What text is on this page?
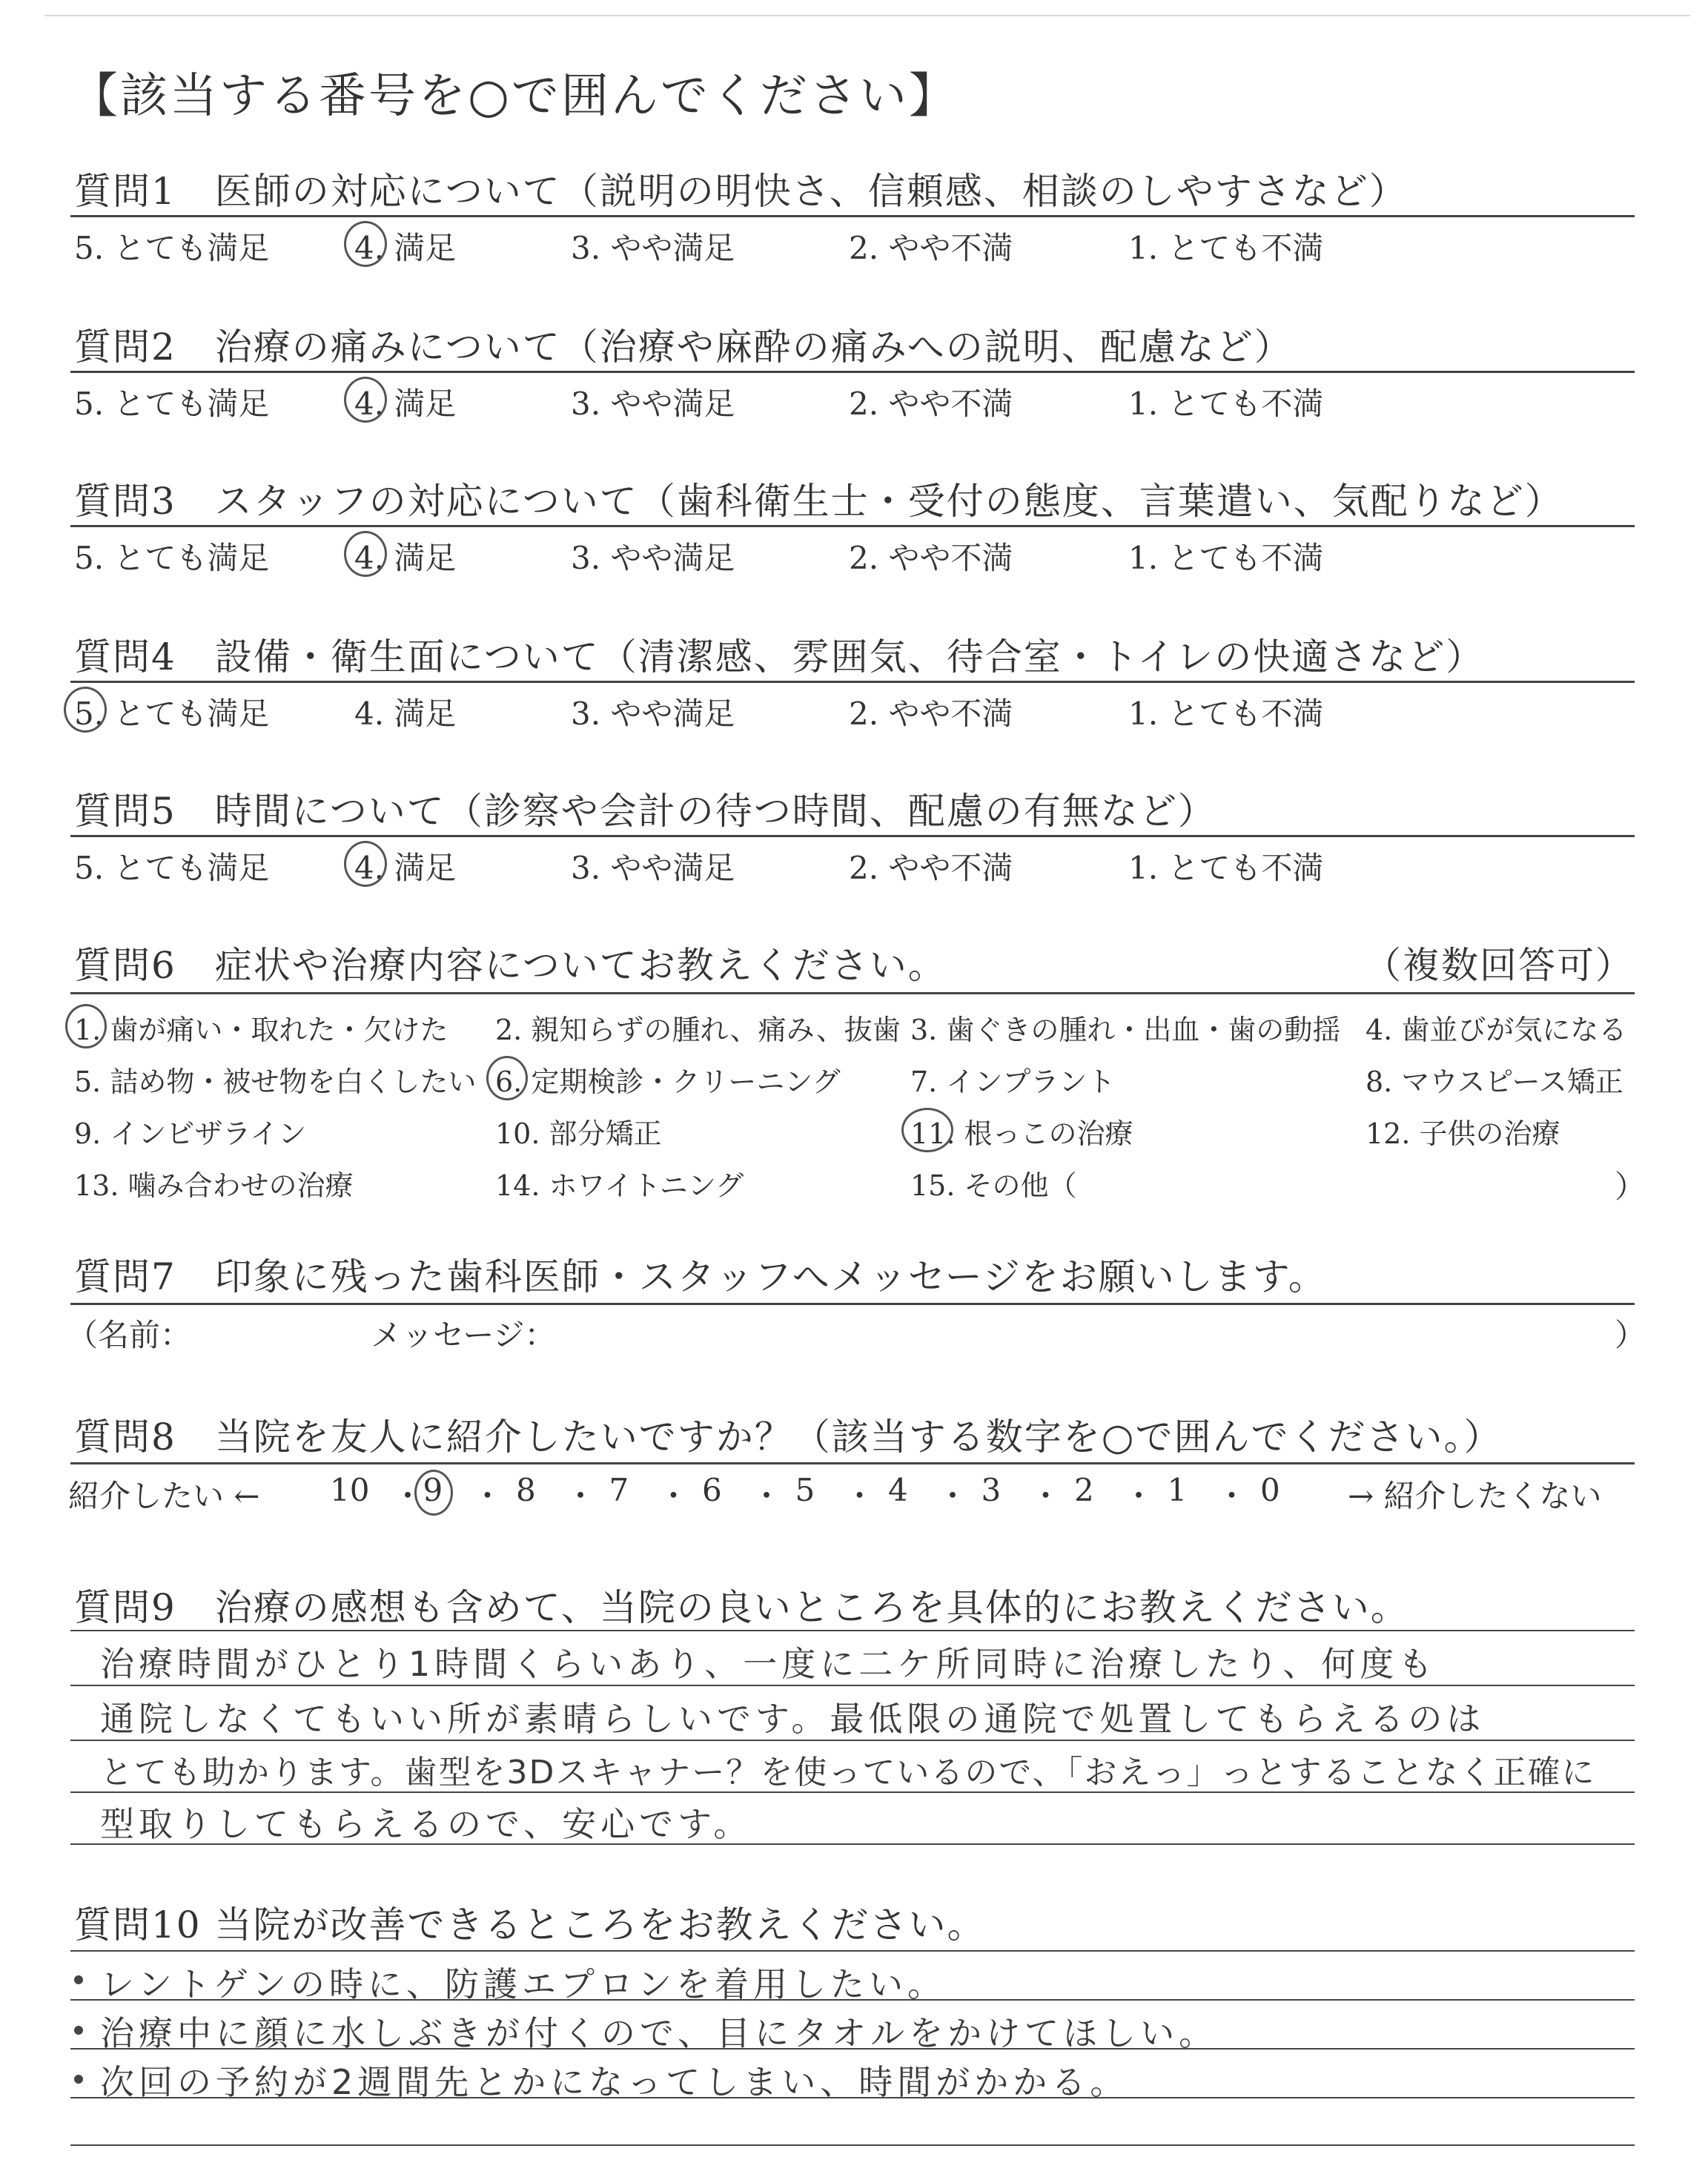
【該当する番号を○で囲んでください】
質問1　医師の対応について（説明の明快さ、信頼感、相談のしやすさなど）
5. とても満足	4. 満足	3. やや満足	2. やや不満	1. とても不満
質問2　治療の痛みについて（治療や麻酔の痛みへの説明、配慮など）
5. とても満足	4. 満足	3. やや満足	2. やや不満	1. とても不満
質問3　スタッフの対応について（歯科衛生士・受付の態度、言葉遣い、気配りなど）
5. とても満足	4. 満足	3. やや満足	2. やや不満	1. とても不満
質問4　設備・衛生面について（清潔感、雰囲気、待合室・トイレの快適さなど）
5. とても満足	4. 満足	3. やや満足	2. やや不満	1. とても不満
質問5　時間について（診察や会計の待つ時間、配慮の有無など）
5. とても満足	4. 満足	3. やや満足	2. やや不満	1. とても不満
質問6　症状や治療内容についてお教えください。	（複数回答可）
1. 歯が痛い・取れた・欠けた 2. 親知らずの腫れ、痛み、抜歯 3. 歯ぐきの腫れ・出血・歯の動揺 4. 歯並びが気になる
5. 詰め物・被せ物を白くしたい 6. 定期検診・クリーニング 7. インプラント	8. マウスピース矯正
9. インビザライン	10. 部分矯正	11. 根っこの治療	12. 子供の治療
13. 噛み合わせの治療	14. ホワイトニング	15. その他（	）
質問7　印象に残った歯科医師・スタッフへメッセージをお願いします。
（名前：	メッセージ：	）
質問8　当院を友人に紹介したいですか？（該当する数字を○で囲んでください。）
紹介したい ←	→ 紹介したくない
10 ・ 9 ・ 8 ・ 7 ・ 6 ・ 5 ・ 4 ・ 3 ・ 2 ・ 1 ・ 0
質問9　治療の感想も含めて、当院の良いところを具体的にお教えください。
治療時間がひとり1時間くらいあり、一度に二ケ所同時に治療したり、何度も
通院しなくてもいい所が素晴らしいです。最低限の通院で処置してもらえるのは
とても助かります。歯型を3Dスキャナー？を使っているので、「おえっ」っとすることなく正確に
型取りしてもらえるので、安心です。
質問10 当院が改善できるところをお教えください。
レントゲンの時に、防護エプロンを着用したい。
治療中に顔に水しぶきが付くので、目にタオルをかけてほしい。
次回の予約が2週間先とかになってしまい、時間がかかる。
